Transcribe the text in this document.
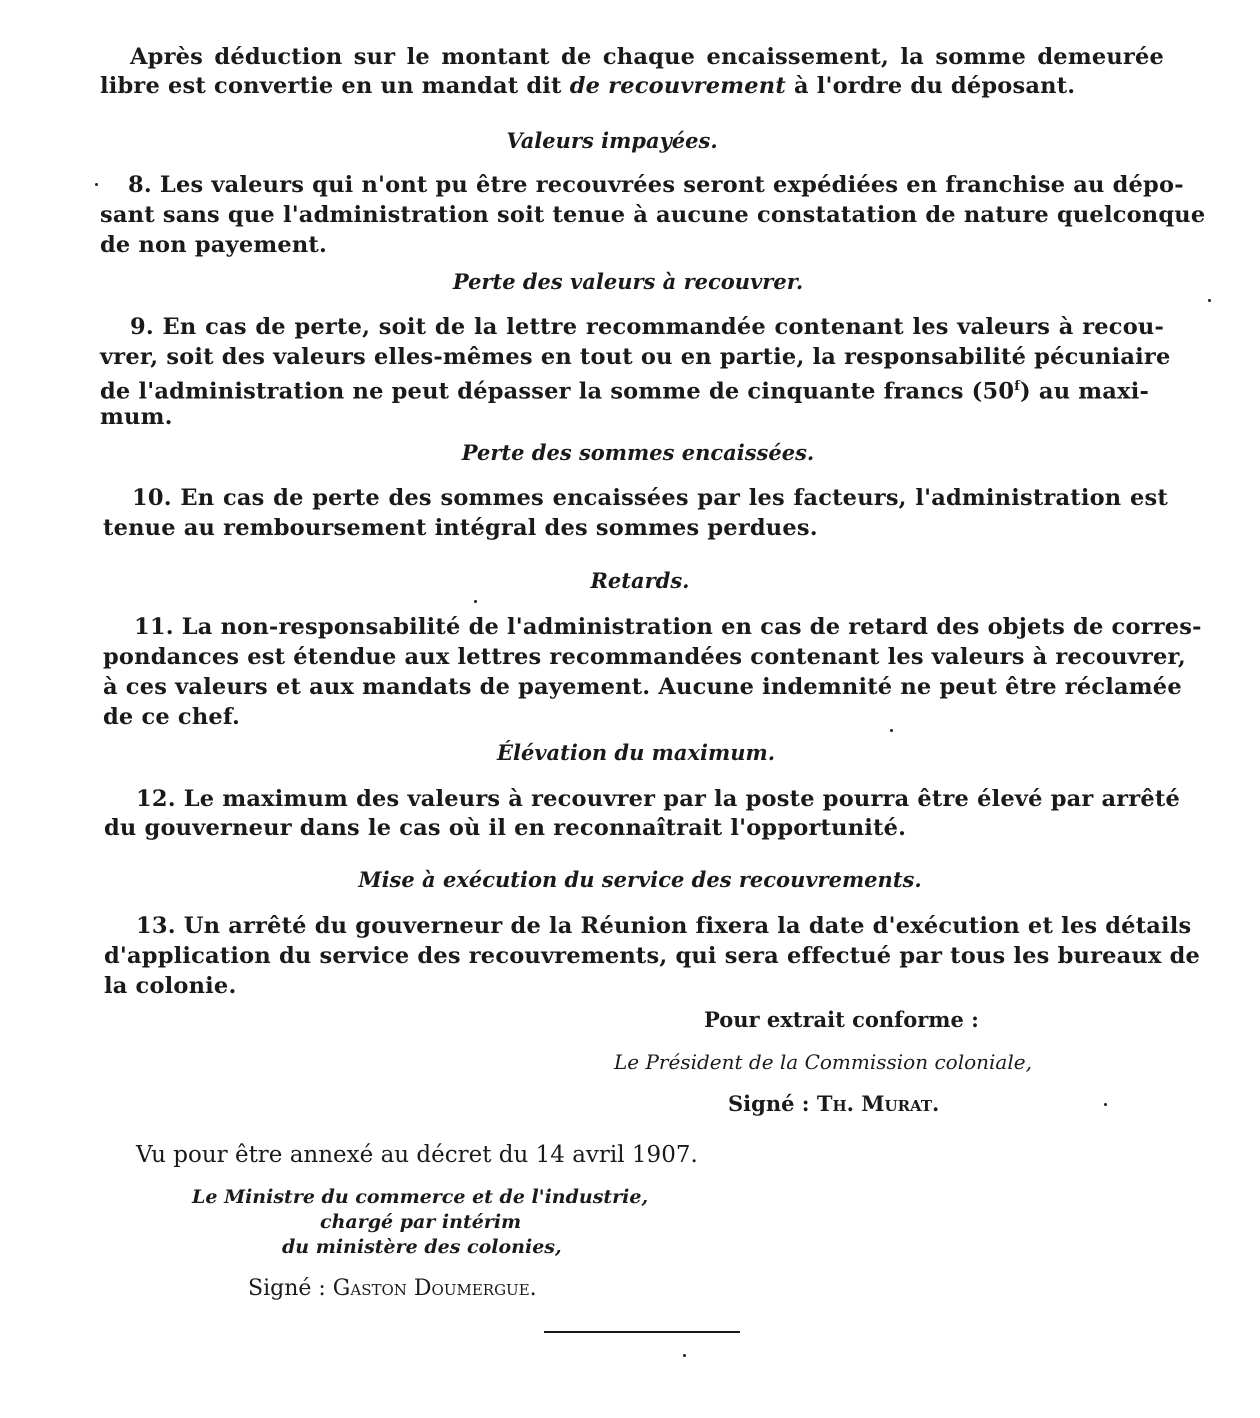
Après déduction sur le montant de chaque encaissement, la somme demeurée
libre est convertie en un mandat dit de recouvrement à l'ordre du déposant.
Valeurs impayées.
8. Les valeurs qui n'ont pu être recouvrées seront expédiées en franchise au dépo-
sant sans que l'administration soit tenue à aucune constatation de nature quelconque
de non payement.
Perte des valeurs à recouvrer.
9. En cas de perte, soit de la lettre recommandée contenant les valeurs à recou-
vrer, soit des valeurs elles-mêmes en tout ou en partie, la responsabilité pécuniaire
de l'administration ne peut dépasser la somme de cinquante francs (50$^f$) au maxi-
mum.
Perte des sommes encaissées.
10. En cas de perte des sommes encaissées par les facteurs, l'administration est
tenue au remboursement intégral des sommes perdues.
Retards.
11. La non-responsabilité de l'administration en cas de retard des objets de corres-
pondances est étendue aux lettres recommandées contenant les valeurs à recouvrer,
à ces valeurs et aux mandats de payement. Aucune indemnité ne peut être réclamée
de ce chef.
Élévation du maximum.
12. Le maximum des valeurs à recouvrer par la poste pourra être élevé par arrêté
du gouverneur dans le cas où il en reconnaîtrait l'opportunité.
Mise à exécution du service des recouvrements.
13. Un arrêté du gouverneur de la Réunion fixera la date d'exécution et les détails
d'application du service des recouvrements, qui sera effectué par tous les bureaux de
la colonie.
Pour extrait conforme :
Le Président de la Commission coloniale,
Signé : Th. Murat.
Vu pour être annexé au décret du 14 avril 1907.
Le Ministre du commerce et de l'industrie,
chargé par intérim
du ministère des colonies,
Signé : Gaston Doumergue.
